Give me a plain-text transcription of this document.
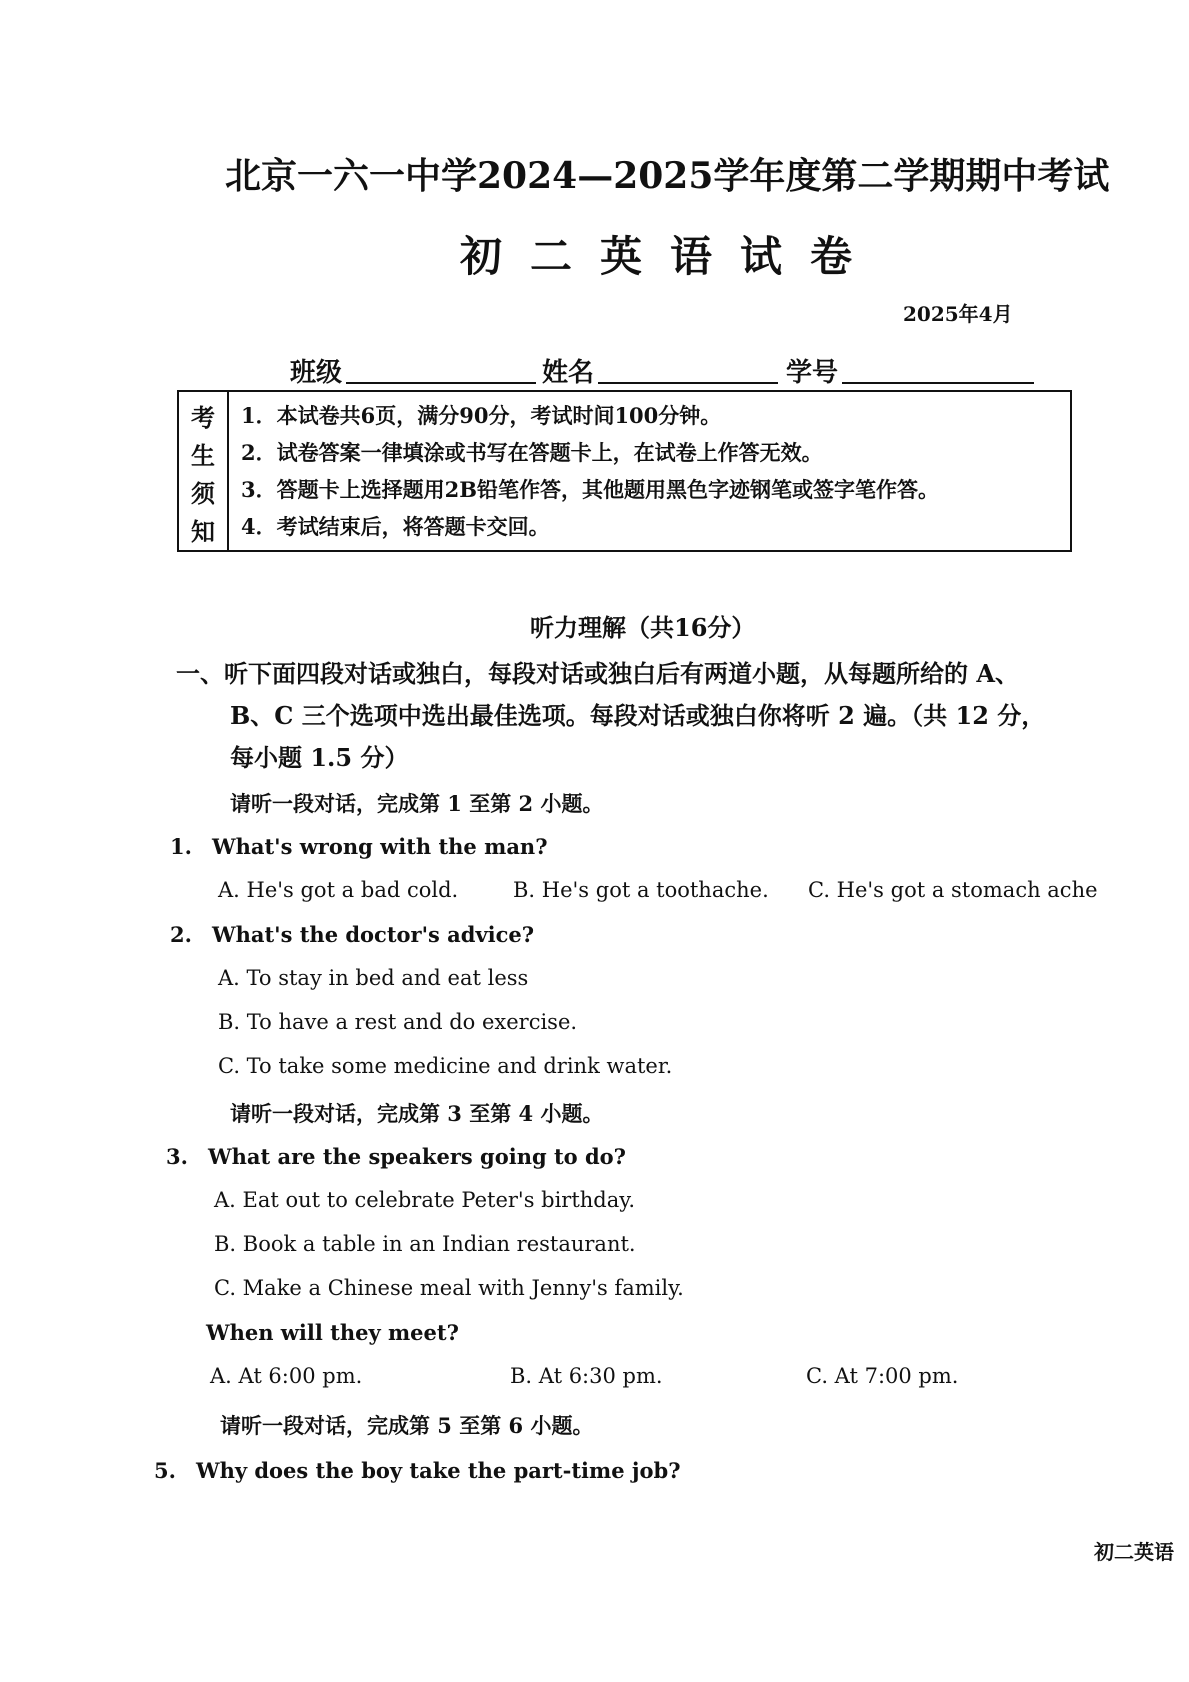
北京一六一中学2024—2025学年度第二学期期中考试
初二英语试卷
2025年4月
班级	姓名	学号
考
生
须
知
1．本试卷共6页，满分90分，考试时间100分钟。
2．试卷答案一律填涂或书写在答题卡上，在试卷上作答无效。
3．答题卡上选择题用2B铅笔作答，其他题用黑色字迹钢笔或签字笔作答。
4．考试结束后，将答题卡交回。
听力理解（共16分）
一、听下面四段对话或独白，每段对话或独白后有两道小题，从每题所给的 A、
B、C 三个选项中选出最佳选项。每段对话或独白你将听 2 遍。（共 12 分，
每小题 1.5 分）
请听一段对话，完成第 1 至第 2 小题。
1. What's wrong with the man?
A. He's got a bad cold.	B. He's got a toothache. C. He's got a stomach ache
2. What's the doctor's advice?
A. To stay in bed and eat less
B. To have a rest and do exercise.
C. To take some medicine and drink water.
请听一段对话，完成第 3 至第 4 小题。
3. What are the speakers going to do?
A. Eat out to celebrate Peter's birthday.
B. Book a table in an Indian restaurant.
C. Make a Chinese meal with Jenny's family.
When will they meet?
A. At 6:00 pm.	B. At 6:30 pm.	C. At 7:00 pm.
请听一段对话，完成第 5 至第 6 小题。
5. Why does the boy take the part-time job?
初二英语
